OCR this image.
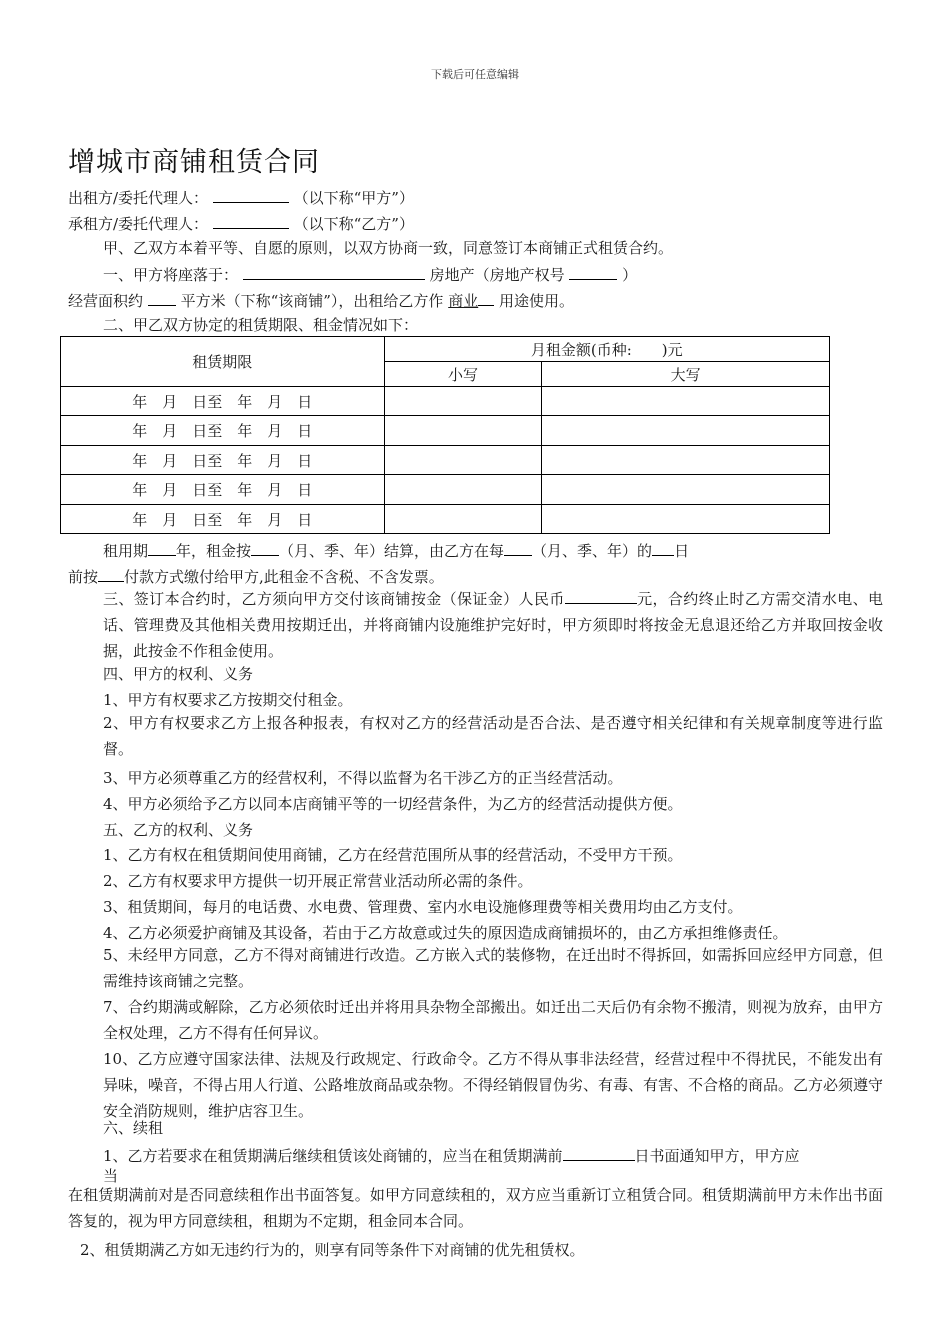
下载后可任意编辑
增城市商铺租赁合同
出租方/委托代理人：	（以下称“甲方”）
承租方/委托代理人：	（以下称“乙方”）
甲、乙双方本着平等、自愿的原则，以双方协商一致，同意签订本商铺正式租赁合约。
一、甲方将座落于：	房地产（房地产权号	）
经营面积约	平方米（下称“该商铺”），出租给乙方作 商业 用途使用。
二、甲乙双方协定的租赁期限、租金情况如下：
租赁期限	月租金额(币种:　　)元	
	小写	大写
年　月　日至　年　月　日		
年　月　日至　年　月　日		
年　月　日至　年　月　日		
年　月　日至　年　月　日		
年　月　日至　年　月　日		
租用期 年，租金按 （月、季、年）结算，由乙方在每 （月、季、年）的 日
前按 付款方式缴付给甲方,此租金不含税、不含发票。
三、签订本合约时，乙方须向甲方交付该商铺按金（保证金）人民币	元，合约终止时乙方需交清水电、电话、管理费及其他相关费用按期迁出，并将商铺内设施维护完好时，甲方须即时将按金无息退还给乙方并取回按金收据，此按金不作租金使用。
四、甲方的权利、义务
1、甲方有权要求乙方按期交付租金。
2、甲方有权要求乙方上报各种报表，有权对乙方的经营活动是否合法、是否遵守相关纪律和有关规章制度等进行监督。
3、甲方必须尊重乙方的经营权利，不得以监督为名干涉乙方的正当经营活动。
4、甲方必须给予乙方以同本店商铺平等的一切经营条件，为乙方的经营活动提供方便。
五、乙方的权利、义务
1、乙方有权在租赁期间使用商铺，乙方在经营范围所从事的经营活动，不受甲方干预。
2、乙方有权要求甲方提供一切开展正常营业活动所必需的条件。
3、租赁期间，每月的电话费、水电费、管理费、室内水电设施修理费等相关费用均由乙方支付。
4、乙方必须爱护商铺及其设备，若由于乙方故意或过失的原因造成商铺损坏的，由乙方承担维修责任。
5、未经甲方同意，乙方不得对商铺进行改造。乙方嵌入式的装修物，在迁出时不得拆回，如需拆回应经甲方同意，但需维持该商铺之完整。
7、合约期满或解除，乙方必须依时迁出并将用具杂物全部搬出。如迁出二天后仍有余物不搬清，则视为放弃，由甲方全权处理，乙方不得有任何异议。
10、乙方应遵守国家法律、法规及行政规定、行政命令。乙方不得从事非法经营，经营过程中不得扰民，不能发出有异味，噪音，不得占用人行道、公路堆放商品或杂物。不得经销假冒伪劣、有毒、有害、不合格的商品。乙方必须遵守安全消防规则，维护店容卫生。
六、续租
1、乙方若要求在租赁期满后继续租赁该处商铺的，应当在租赁期满前	日书面通知甲方，甲方应
当
在租赁期满前对是否同意续租作出书面答复。如甲方同意续租的，双方应当重新订立租赁合同。租赁期满前甲方未作出书面答复的，视为甲方同意续租，租期为不定期，租金同本合同。
2、租赁期满乙方如无违约行为的，则享有同等条件下对商铺的优先租赁权。
